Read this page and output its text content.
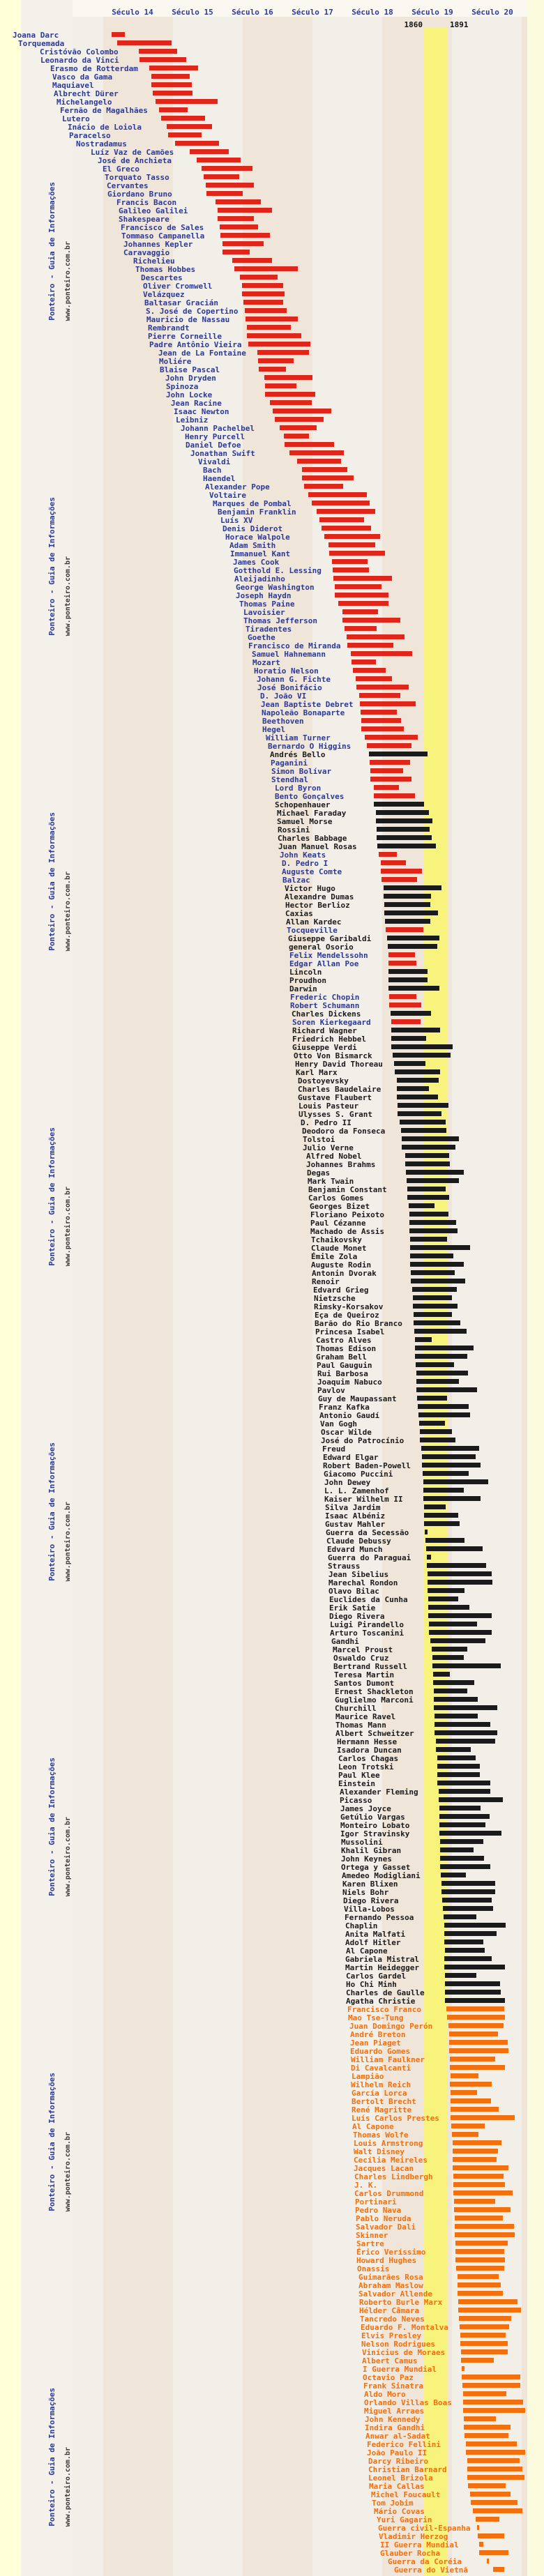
Século 14	Século 15	Século 16	Século 17	Século 18	Século 19	Século 20
1860	1891
Ponteiro - Guia de Informações www.ponteiro.com.br
Ponteiro - Guia de Informações www.ponteiro.com.br
Ponteiro - Guia de Informações www.ponteiro.com.br
Ponteiro - Guia de Informações www.ponteiro.com.br
Ponteiro - Guia de Informações www.ponteiro.com.br
Ponteiro - Guia de Informações www.ponteiro.com.br
Ponteiro - Guia de Informações www.ponteiro.com.br
Ponteiro - Guia de Informações www.ponteiro.com.br
Joana Darc
Torquemada
Cristóvão Colombo
Leonardo da Vinci
Erasmo de Rotterdam
Vasco da Gama
Maquiavel
Albrecht Dürer
Michelangelo
Fernão de Magalhães
Lutero
Inácio de Loiola
Paracelso
Nostradamus
Luíz Vaz de Camões
José de Anchieta
El Greco
Torquato Tasso
Cervantes
Giordano Bruno
Francis Bacon
Galileo Galilei
Shakespeare
Francisco de Sales
Tommaso Campanella
Johannes Kepler
Caravaggio
Richelieu
Thomas Hobbes
Descartes
Oliver Cromwell
Velázquez
Baltasar Gracián
S. José de Copertino
Mauricio de Nassau
Rembrandt
Pierre Corneille
Padre Antônio Vieira
Jean de La Fontaine
Moliére
Blaise Pascal
John Dryden
Spinoza
John Locke
Jean Racine
Isaac Newton
Leibniz
Johann Pachelbel
Henry Purcell
Daniel Defoe
Jonathan Swift
Vivaldi
Bach
Haendel
Alexander Pope
Voltaire
Marques de Pombal
Benjamin Franklin
Luís XV
Denis Diderot
Horace Walpole
Adam Smith
Immanuel Kant
James Cook
Gotthold E. Lessing
Aleijadinho
George Washington
Joseph Haydn
Thomas Paine
Lavoisier
Thomas Jefferson
Tiradentes
Goethe
Francisco de Miranda
Samuel Hahnemann
Mozart
Horatio Nelson
Johann G. Fichte
José Bonifácio
D. João VI
Jean Baptiste Debret
Napoleão Bonaparte
Beethoven
Hegel
William Turner
Bernardo O Higgins
Andrés Bello
Paganini
Simon Bolívar
Stendhal
Lord Byron
Bento Gonçalves
Schopenhauer
Michael Faraday
Samuel Morse
Rossini
Charles Babbage
Juan Manuel Rosas
John Keats
D. Pedro I
Auguste Comte
Balzac
Victor Hugo
Alexandre Dumas
Hector Berlioz
Caxias
Allan Kardec
Tocqueville
Giuseppe Garibaldi
general Osorio
Felix Mendelssohn
Edgar Allan Poe
Lincoln
Proudhon
Darwin
Frederic Chopin
Robert Schumann
Charles Dickens
Soren Kierkegaard
Richard Wagner
Friedrich Hebbel
Giuseppe Verdi
Otto Von Bismarck
Henry David Thoreau
Karl Marx
Dostoyevsky
Charles Baudelaire
Gustave Flaubert
Louis Pasteur
Ulysses S. Grant
D. Pedro II
Deodoro da Fonseca
Tolstoi
Julio Verne
Alfred Nobel
Johannes Brahms
Degas
Mark Twain
Benjamin Constant
Carlos Gomes
Georges Bizet
Floriano Peixoto
Paul Cézanne
Machado de Assis
Tchaikovsky
Claude Monet
Émile Zola
Auguste Rodin
Antonin Dvorak
Renoir
Edvard Grieg
Nietzsche
Rimsky-Korsakov
Eça de Queiroz
Barão do Rio Branco
Princesa Isabel
Castro Alves
Thomas Edison
Graham Bell
Paul Gauguin
Rui Barbosa
Joaquim Nabuco
Pavlov
Guy de Maupassant
Franz Kafka
Antonio Gaudí
Van Gogh
Oscar Wilde
José do Patrocínio
Freud
Edward Elgar
Robert Baden-Powell
Giacomo Puccini
John Dewey
L. L. Zamenhof
Kaiser Wilhelm II
Silva Jardim
Isaac Albéniz
Gustav Mahler
Guerra da Secessão
Claude Debussy
Edvard Munch
Guerra do Paraguai
Strauss
Jean Sibelius
Marechal Rondon
Olavo Bilac
Euclides da Cunha
Erik Satie
Diego Rivera
Luigi Pirandello
Arturo Toscanini
Gandhi
Marcel Proust
Oswaldo Cruz
Bertrand Russell
Teresa Martin
Santos Dumont
Ernest Shackleton
Guglielmo Marconi
Churchill
Maurice Ravel
Thomas Mann
Albert Schweitzer
Hermann Hesse
Isadora Duncan
Carlos Chagas
Leon Trotski
Paul Klee
Einstein
Alexander Fleming
Picasso
James Joyce
Getúlio Vargas
Monteiro Lobato
Igor Stravinsky
Mussolini
Khalil Gibran
John Keynes
Ortega y Gasset
Amedeo Modigliani
Karen Blixen
Niels Bohr
Diego Rivera
Villa-Lobos
Fernando Pessoa
Chaplin
Anita Malfati
Adolf Hitler
Al Capone
Gabriela Mistral
Martin Heidegger
Carlos Gardel
Ho Chi Minh
Charles de Gaulle
Agatha Christie
Francisco Franco
Mao Tse-Tung
Juan Domingo Perón
André Breton
Jean Piaget
Eduardo Gomes
William Faulkner
Di Cavalcanti
Lampião
Wilhelm Reich
García Lorca
Bertolt Brecht
René Magritte
Luís Carlos Prestes
Al Capone
Thomas Wolfe
Louis Armstrong
Walt Disney
Cecília Meireles
Jacques Lacan
Charles Lindbergh
J. K.
Carlos Drummond
Portinari
Pedro Nava
Pablo Neruda
Salvador Dali
Skinner
Sartre
Érico Veríssimo
Howard Hughes
Onassis
Guimarães Rosa
Abraham Maslow
Salvador Allende
Roberto Burle Marx
Hélder Câmara
Tancredo Neves
Eduardo F. Montalva
Elvis Presley
Nelson Rodrigues
Vinícius de Moraes
Albert Camus
I Guerra Mundial
Octavio Paz
Frank Sinatra
Aldo Moro
Orlando Villas Boas
Miguel Arraes
John Kennedy
Indira Gandhi
Anwar al-Sadat
Federico Fellini
João Paulo II
Darcy Ribeiro
Christian Barnard
Leonel Brizola
Maria Callas
Michel Foucault
Tom Jobim
Mário Covas
Yuri Gagarin
Guerra civil-Espanha
Vladimir Herzog
II Guerra Mundial
Glauber Rocha
Guerra da Coréia
Guerra do Vietnã
